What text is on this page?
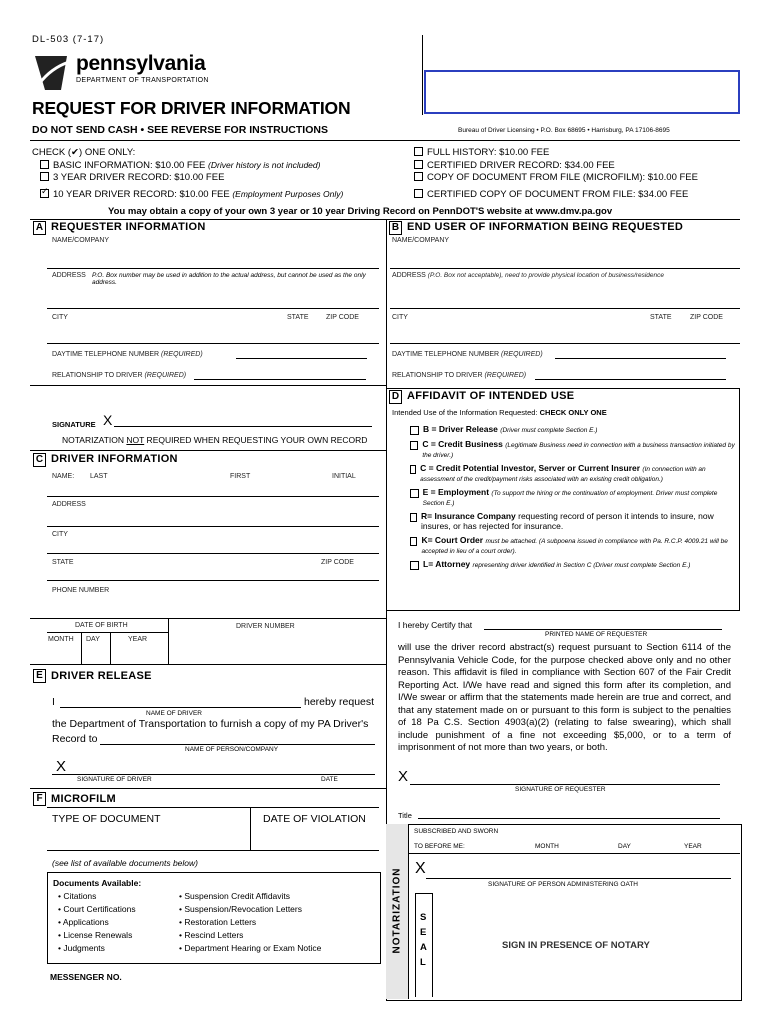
DL-503 (7-17)
pennsylvania
DEPARTMENT OF TRANSPORTATION
REQUEST FOR DRIVER INFORMATION
DO NOT SEND CASH • SEE REVERSE FOR INSTRUCTIONS	Bureau of Driver Licensing • P.O. Box 68695 • Harrisburg, PA 17106-8695
CHECK (✔) ONE ONLY:
BASIC INFORMATION: $10.00 FEE (Driver history is not included)
3 YEAR DRIVER RECORD: $10.00 FEE
✓10 YEAR DRIVER RECORD: $10.00 FEE (Employment Purposes Only)
FULL HISTORY: $10.00 FEE
CERTIFIED DRIVER RECORD: $34.00 FEE
COPY OF DOCUMENT FROM FILE (MICROFILM): $10.00 FEE
CERTIFIED COPY OF DOCUMENT FROM FILE: $34.00 FEE
You may obtain a copy of your own 3 year or 10 year Driving Record on PennDOT'S website at www.dmv.pa.gov
A REQUESTER INFORMATION
NAME/COMPANY
ADDRESS P.O. Box number may be used in addition to the actual address, but cannot be used as the only address.
CITY	STATE ZIP CODE
DAYTIME TELEPHONE NUMBER (REQUIRED)
RELATIONSHIP TO DRIVER (REQUIRED)
SIGNATURE X
NOTARIZATION NOT REQUIRED WHEN REQUESTING YOUR OWN RECORD
C DRIVER INFORMATION
NAME: LAST	FIRST	INITIAL
ADDRESS
CITY
STATE	ZIP CODE
PHONE NUMBER
DATE OF BIRTH	DRIVER NUMBER
MONTH DAY	YEAR
E DRIVER RELEASE
I	hereby request
NAME OF DRIVER
the Department of Transportation to furnish a copy of my PA Driver's
Record to
NAME OF PERSON/COMPANY
X
SIGNATURE OF DRIVER	DATE
F MICROFILM
TYPE OF DOCUMENT	DATE OF VIOLATION
(see list of available documents below)
Documents Available:
• Citations
• Court Certifications
• Applications
• License Renewals
• Judgments
• Suspension Credit Affidavits
• Suspension/Revocation Letters
• Restoration Letters
• Rescind Letters
• Department Hearing or Exam Notice
MESSENGER NO.
B END USER OF INFORMATION BEING REQUESTED
NAME/COMPANY
ADDRESS (P.O. Box not acceptable), need to provide physical location of business/residence
CITY	STATE	ZIP CODE
DAYTIME TELEPHONE NUMBER (REQUIRED)
RELATIONSHIP TO DRIVER (REQUIRED)
D AFFIDAVIT OF INTENDED USE
Intended Use of the Information Requested: CHECK ONLY ONE
B = Driver Release (Driver must complete Section E.)
C = Credit Business (Legitimate Business need in connection with a business transaction initiated by the driver.)
C = Credit Potential Investor, Server or Current Insurer (In connection with an assessment of the credit/payment risks associated with an existing credit obligation.)
E = Employment (To support the hiring or the continuation of employment. Driver must complete Section E.)
R= Insurance Company requesting record of person it intends to insure, now insures, or has rejected for insurance.
K= Court Order must be attached. (A subpoena issued in compliance with Pa. R.C.P. 4009.21 will be accepted in lieu of a court order).
L= Attorney representing driver identified in Section C (Driver must complete Section E.)
I hereby Certify that
PRINTED NAME OF REQUESTER
will use the driver record abstract(s) request pursuant to Section 6114 of the Pennsylvania Vehicle Code, for the purpose checked above only and no other reason. This affidavit is filed in compliance with Section 607 of the Fair Credit Reporting Act. I/We have read and signed this form after its completion, and I/We swear or affirm that the statements made herein are true and correct, and that any statement made on or pursuant to this form is subject to the penalties of 18 Pa C.S. Section 4903(a)(2) (relating to false swearing), which shall include punishment of a fine not exceeding $5,000, or to a term of imprisonment of not more than two years, or both.
X
SIGNATURE OF REQUESTER
Title
NOTARIZATION
SUBSCRIBED AND SWORN
TO BEFORE ME:	MONTH	DAY	YEAR
X
SIGNATURE OF PERSON ADMINISTERING OATH
S
E
A
L
SIGN IN PRESENCE OF NOTARY
